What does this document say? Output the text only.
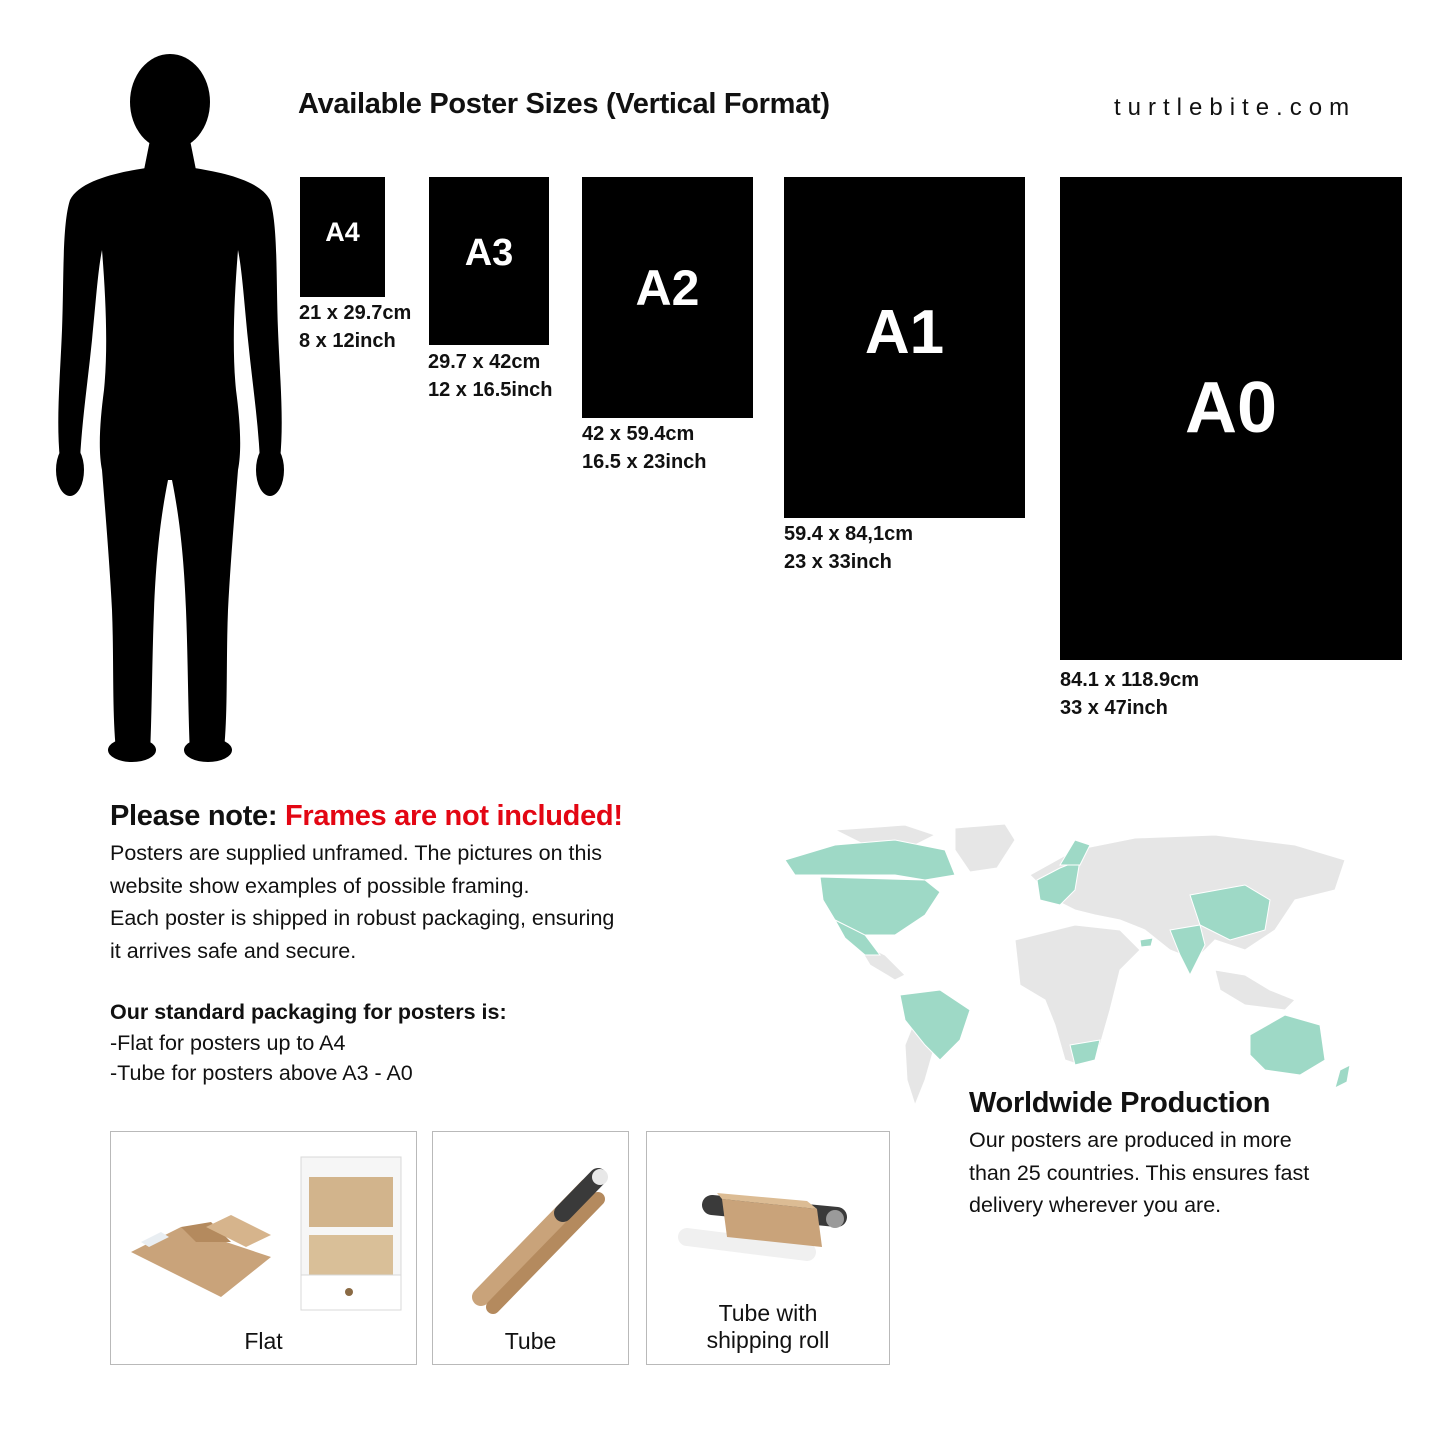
Available Poster Sizes (Vertical Format)	turtlebite.com
A4
21 x 29.7cm
8 x 12inch
A3
29.7 x 42cm
12 x 16.5inch
A2
42 x 59.4cm
16.5 x 23inch
A1
59.4 x 84,1cm
23 x 33inch
A0
84.1 x 118.9cm
33 x 47inch
Please note: Frames are not included!
Posters are supplied unframed. The pictures on this
website show examples of possible framing.
Each poster is shipped in robust packaging, ensuring
it arrives safe and secure.
Our standard packaging for posters is:
-Flat for posters up to A4
-Tube for posters above A3 - A0
Flat	Tube
Tube with
shipping roll
Worldwide Production
Our posters are produced in more
than 25 countries. This ensures fast
delivery wherever you are.
